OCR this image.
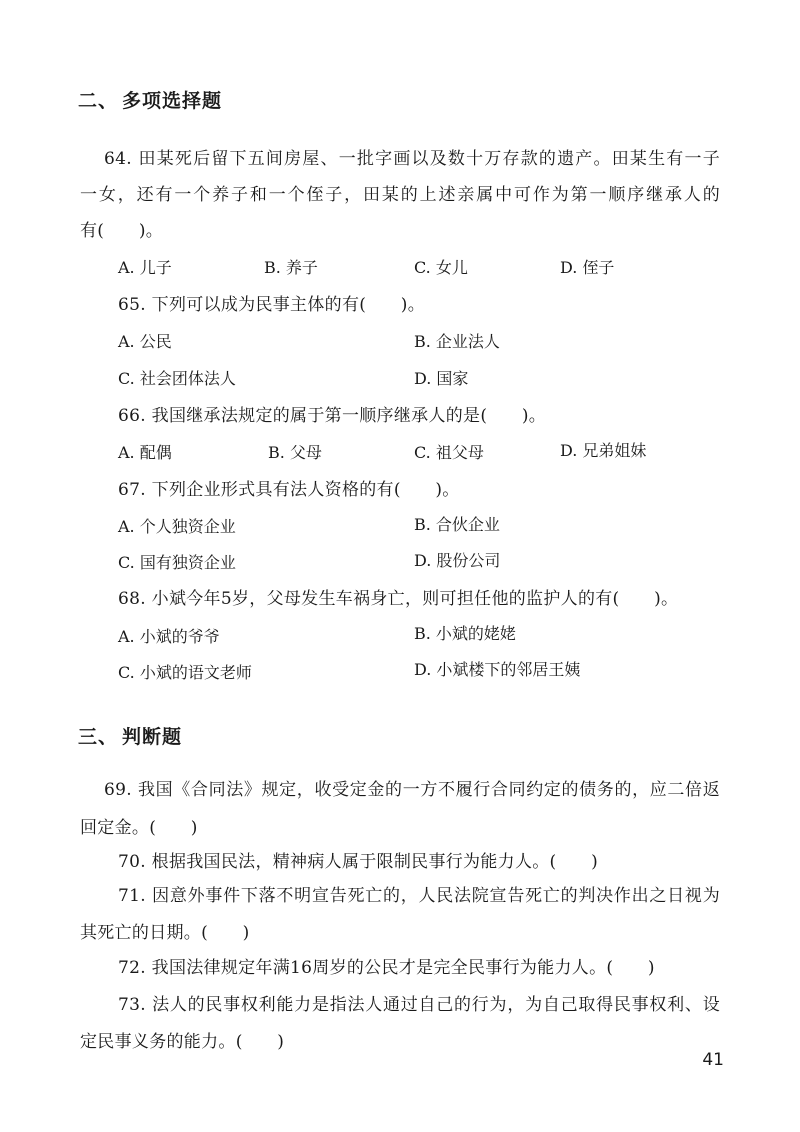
二、 多项选择题
64. 田某死后留下五间房屋、一批字画以及数十万存款的遗产。田某生有一子
一女，还有一个养子和一个侄子，田某的上述亲属中可作为第一顺序继承人的
有(　　)。
A. 儿子	B. 养子	C. 女儿	D. 侄子
65. 下列可以成为民事主体的有(　　)。
A. 公民	B. 企业法人
C. 社会团体法人	D. 国家
66. 我国继承法规定的属于第一顺序继承人的是(　　)。
A. 配偶	B. 父母	C. 祖父母	D. 兄弟姐妹
67. 下列企业形式具有法人资格的有(　　)。
A. 个人独资企业	B. 合伙企业
C. 国有独资企业	D. 股份公司
68. 小斌今年5岁，父母发生车祸身亡，则可担任他的监护人的有(　　)。
A. 小斌的爷爷	B. 小斌的姥姥
C. 小斌的语文老师	D. 小斌楼下的邻居王姨
三、 判断题
69. 我国《合同法》规定，收受定金的一方不履行合同约定的债务的，应二倍返
回定金。(　　)
70. 根据我国民法，精神病人属于限制民事行为能力人。(　　)
71. 因意外事件下落不明宣告死亡的，人民法院宣告死亡的判决作出之日视为
其死亡的日期。(　　)
72. 我国法律规定年满16周岁的公民才是完全民事行为能力人。(　　)
73. 法人的民事权利能力是指法人通过自己的行为，为自己取得民事权利、设
定民事义务的能力。(　　)
41
